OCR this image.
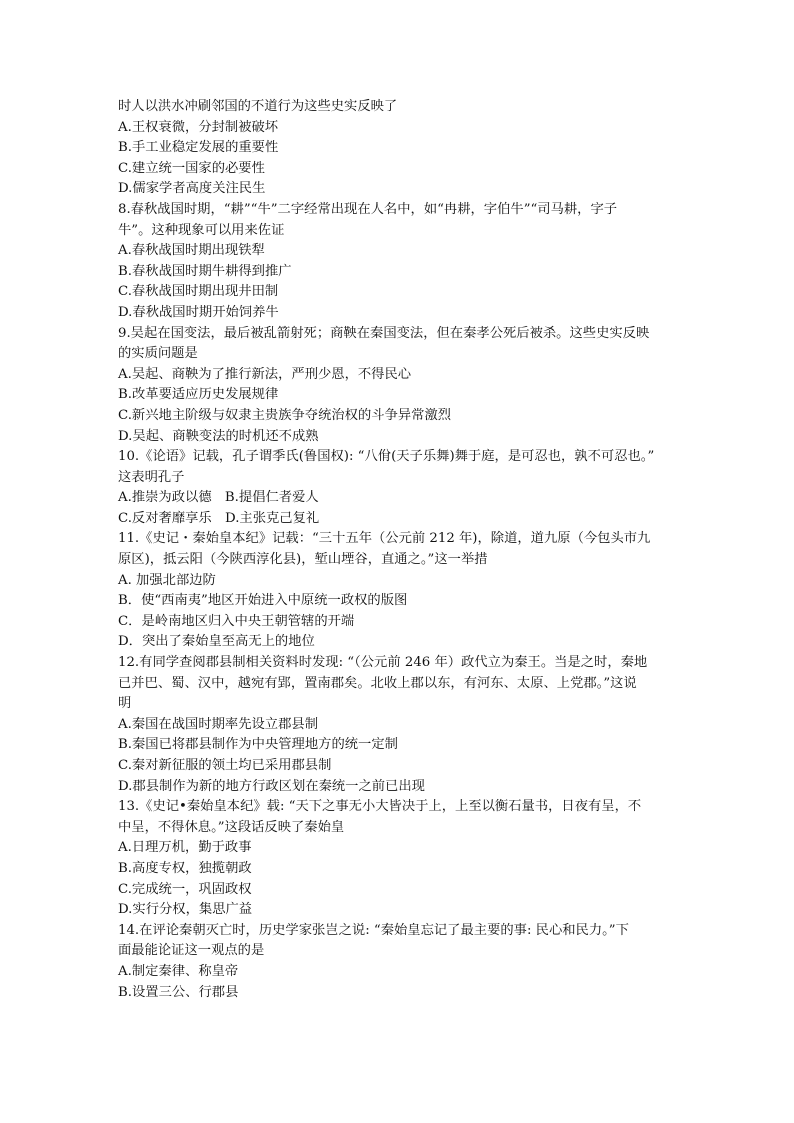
时人以洪水冲刷邻国的不道行为这些史实反映了
A.王权衰微，分封制被破坏
B.手工业稳定发展的重要性
C.建立统一国家的必要性
D.儒家学者高度关注民生
8.春秋战国时期，“耕”“牛”二字经常出现在人名中，如“冉耕，字伯牛”“司马耕，字子
牛”。这种现象可以用来佐证
A.春秋战国时期出现铁犁
B.春秋战国时期牛耕得到推广
C.春秋战国时期出现井田制
D.春秋战国时期开始饲养牛
9.吴起在国变法，最后被乱箭射死；商鞅在秦国变法，但在秦孝公死后被杀。这些史实反映
的实质问题是
A.吴起、商鞅为了推行新法，严刑少恩，不得民心
B.改革要适应历史发展规律
C.新兴地主阶级与奴隶主贵族争夺统治权的斗争异常激烈
D.吴起、商鞅变法的时机还不成熟
10.《论语》记载，孔子谓季氏(鲁国权): “八佾(天子乐舞)舞于庭，是可忍也，孰不可忍也。”
这表明孔子
A.推崇为政以德　B.提倡仁者爱人
C.反对奢靡享乐　D.主张克己复礼
11.《史记・秦始皇本纪》记载：“三十五年（公元前 212 年)，除道，道九原（今包头市九
原区)，抵云阳（今陕西淳化县)，堑山堙谷，直通之。”这一举措
A. 加强北部边防
B．使“西南夷”地区开始进入中原统一政权的版图
C．是岭南地区归入中央王朝管辖的开端
D．突出了秦始皇至高无上的地位
12.有同学查阅郡县制相关资料时发现: “（公元前 246 年）政代立为秦王。当是之时，秦地
已并巴、蜀、汉中，越宛有郢，置南郡矣。北收上郡以东，有河东、太原、上党郡。”这说
明
A.秦国在战国时期率先设立郡县制
B.秦国已将郡县制作为中央管理地方的统一定制
C.秦对新征服的领土均已采用郡县制
D.郡县制作为新的地方行政区划在秦统一之前已出现
13.《史记•秦始皇本纪》载: “天下之事无小大皆决于上，上至以衡石量书，日夜有呈，不
中呈，不得休息。”这段话反映了秦始皇
A.日理万机，勤于政事
B.高度专权，独揽朝政
C.完成统一，巩固政权
D.实行分权，集思广益
14.在评论秦朝灭亡时，历史学家张岂之说: “秦始皇忘记了最主要的事: 民心和民力。”下
面最能论证这一观点的是
A.制定秦律、称皇帝
B.设置三公、行郡县
